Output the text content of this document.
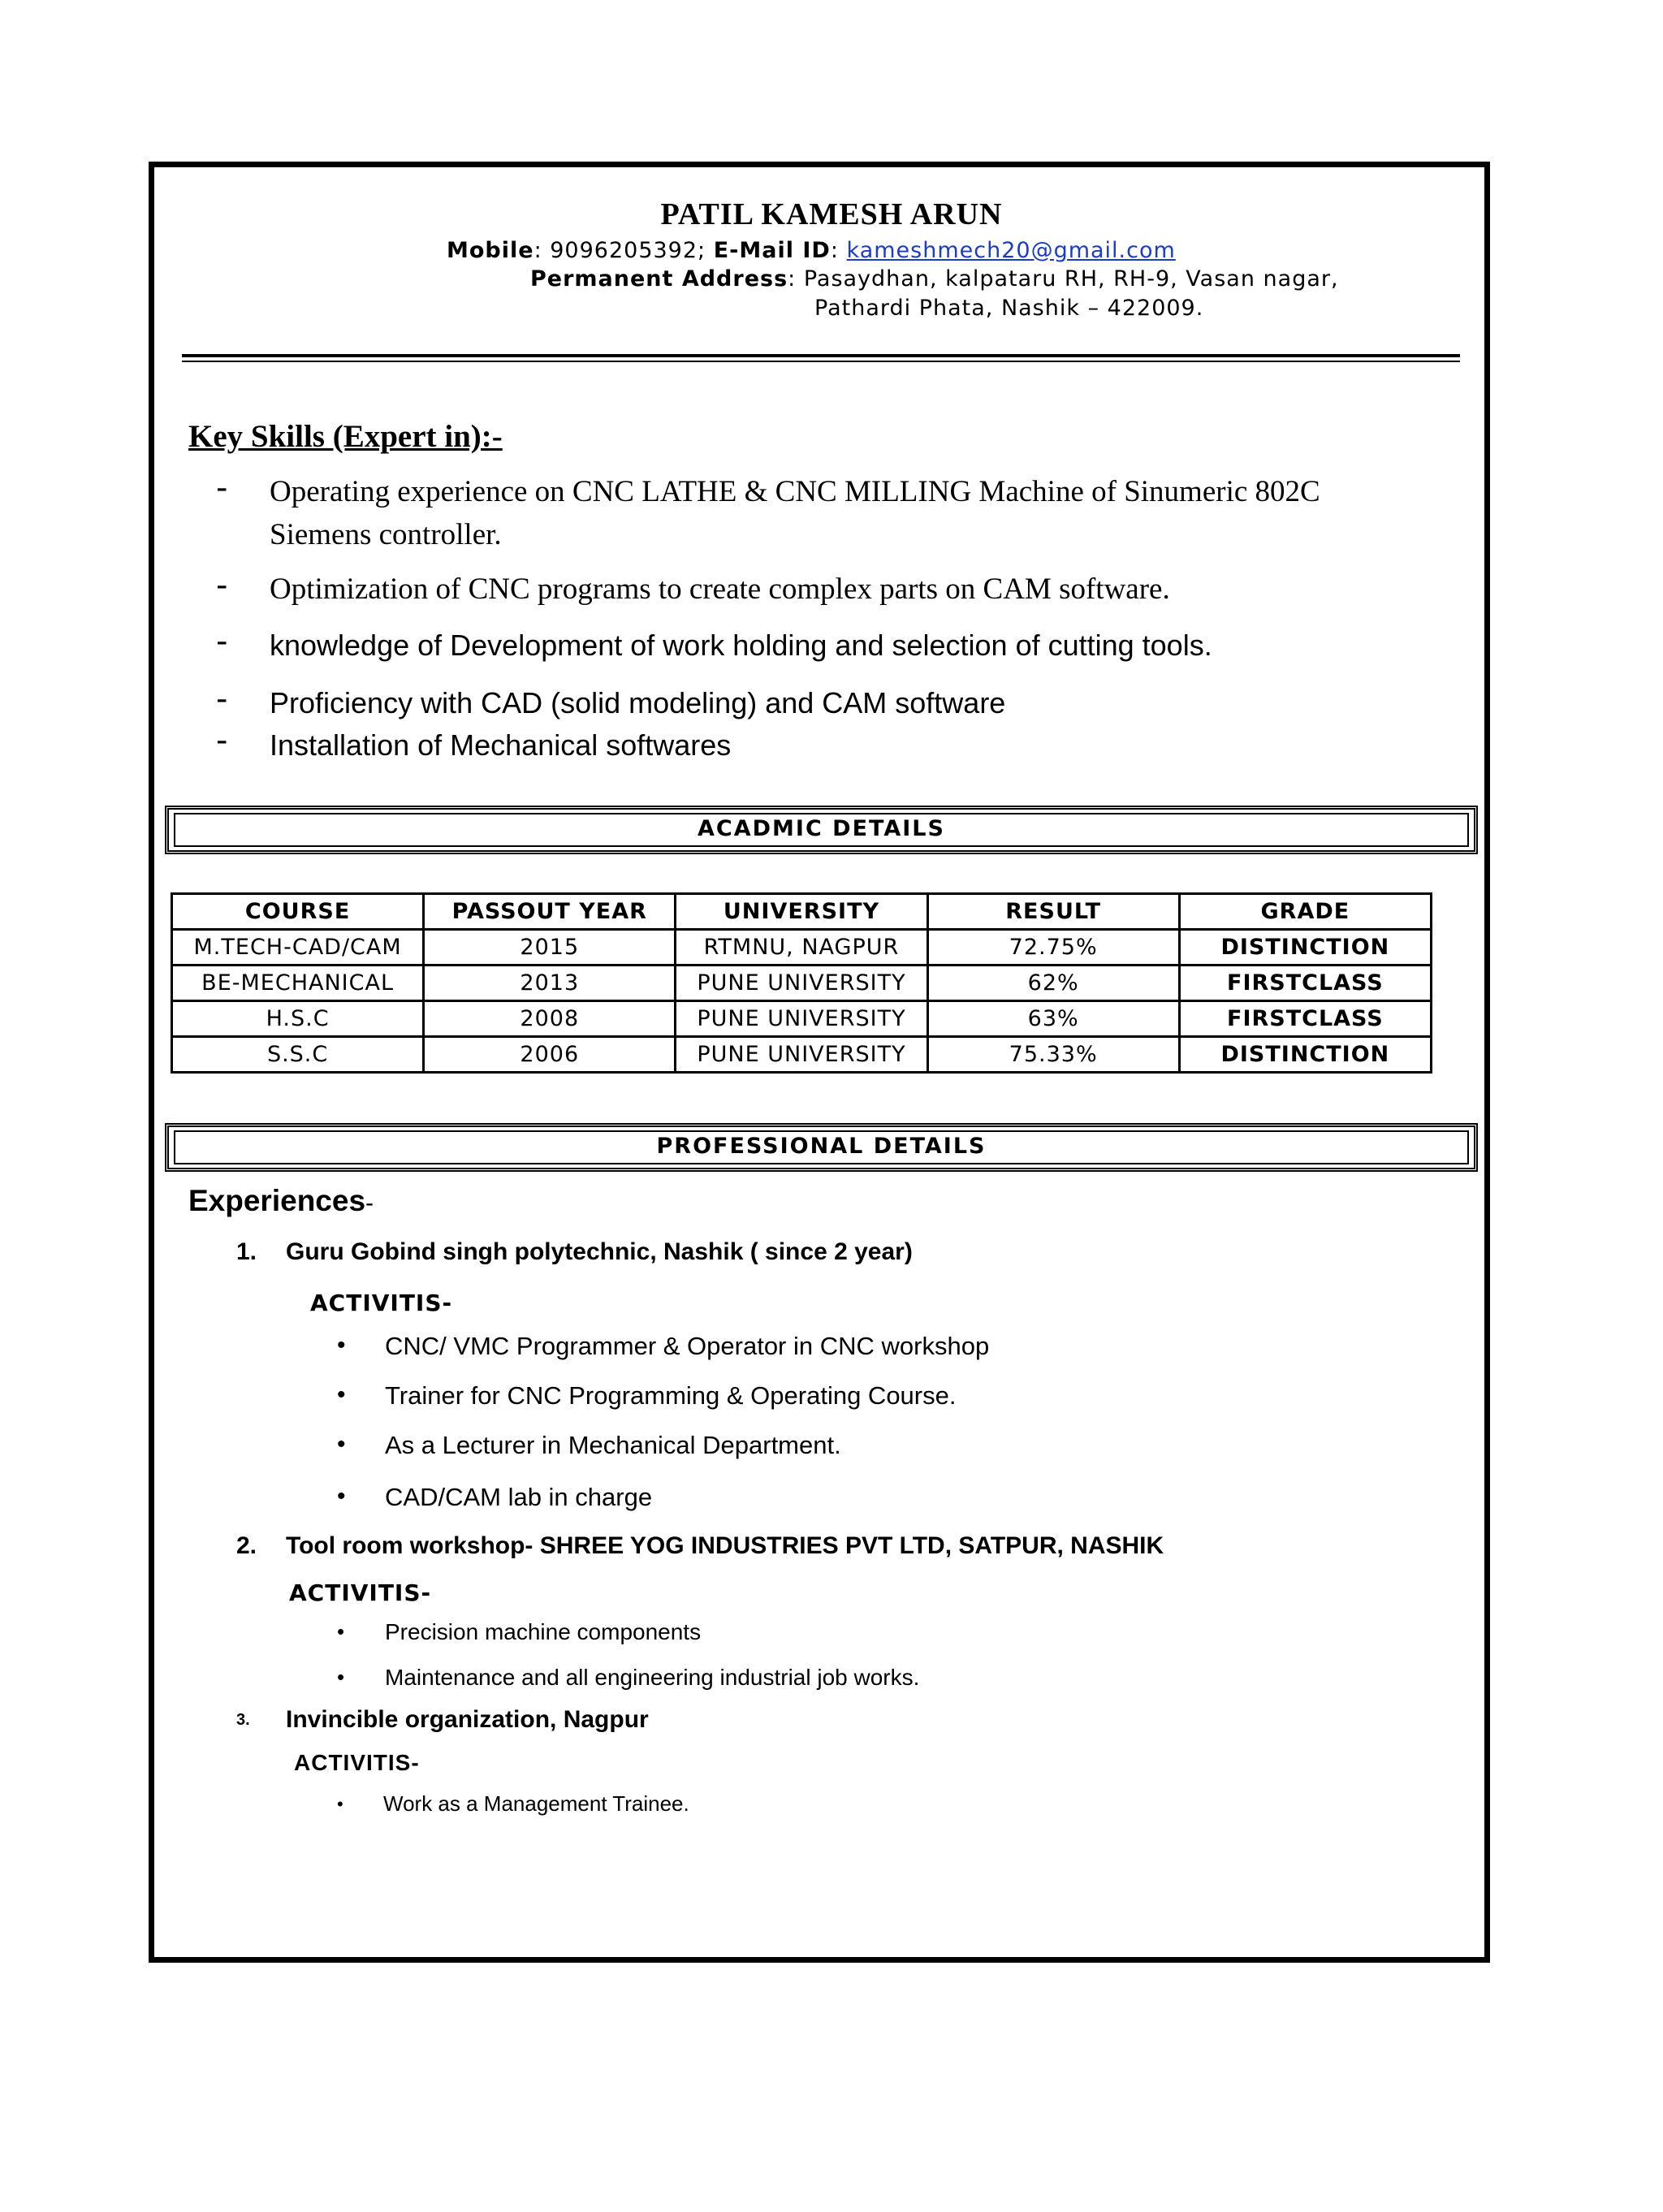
PATIL KAMESH ARUN
Mobile: 9096205392; E-Mail ID: kameshmech20@gmail.com
Permanent Address: Pasaydhan, kalpataru RH, RH-9, Vasan nagar,
Pathardi Phata, Nashik – 422009.
Key Skills (Expert in):-
- Operating experience on CNC LATHE & CNC MILLING Machine of Sinumeric 802C
Siemens controller.
- Optimization of CNC programs to create complex parts on CAM software.
- knowledge of Development of work holding and selection of cutting tools.
- Proficiency with CAD (solid modeling) and CAM software
- Installation of Mechanical softwares
ACADMIC DETAILS
COURSE	PASSOUT YEAR	UNIVERSITY	RESULT	GRADE
M.TECH-CAD/CAM	2015	RTMNU, NAGPUR	72.75%	DISTINCTION
BE-MECHANICAL	2013	PUNE UNIVERSITY	62%	FIRSTCLASS
H.S.C	2008	PUNE UNIVERSITY	63%	FIRSTCLASS
S.S.C	2006	PUNE UNIVERSITY	75.33%	DISTINCTION
PROFESSIONAL DETAILS
Experiences-
1. Guru Gobind singh polytechnic, Nashik ( since 2 year)
ACTIVITIS-
• CNC/ VMC Programmer & Operator in CNC workshop
• Trainer for CNC Programming & Operating Course.
• As a Lecturer in Mechanical Department.
• CAD/CAM lab in charge
2. Tool room workshop- SHREE YOG INDUSTRIES PVT LTD, SATPUR, NASHIK
ACTIVITIS-
• Precision machine components
• Maintenance and all engineering industrial job works.
3. Invincible organization, Nagpur
ACTIVITIS-
• Work as a Management Trainee.
